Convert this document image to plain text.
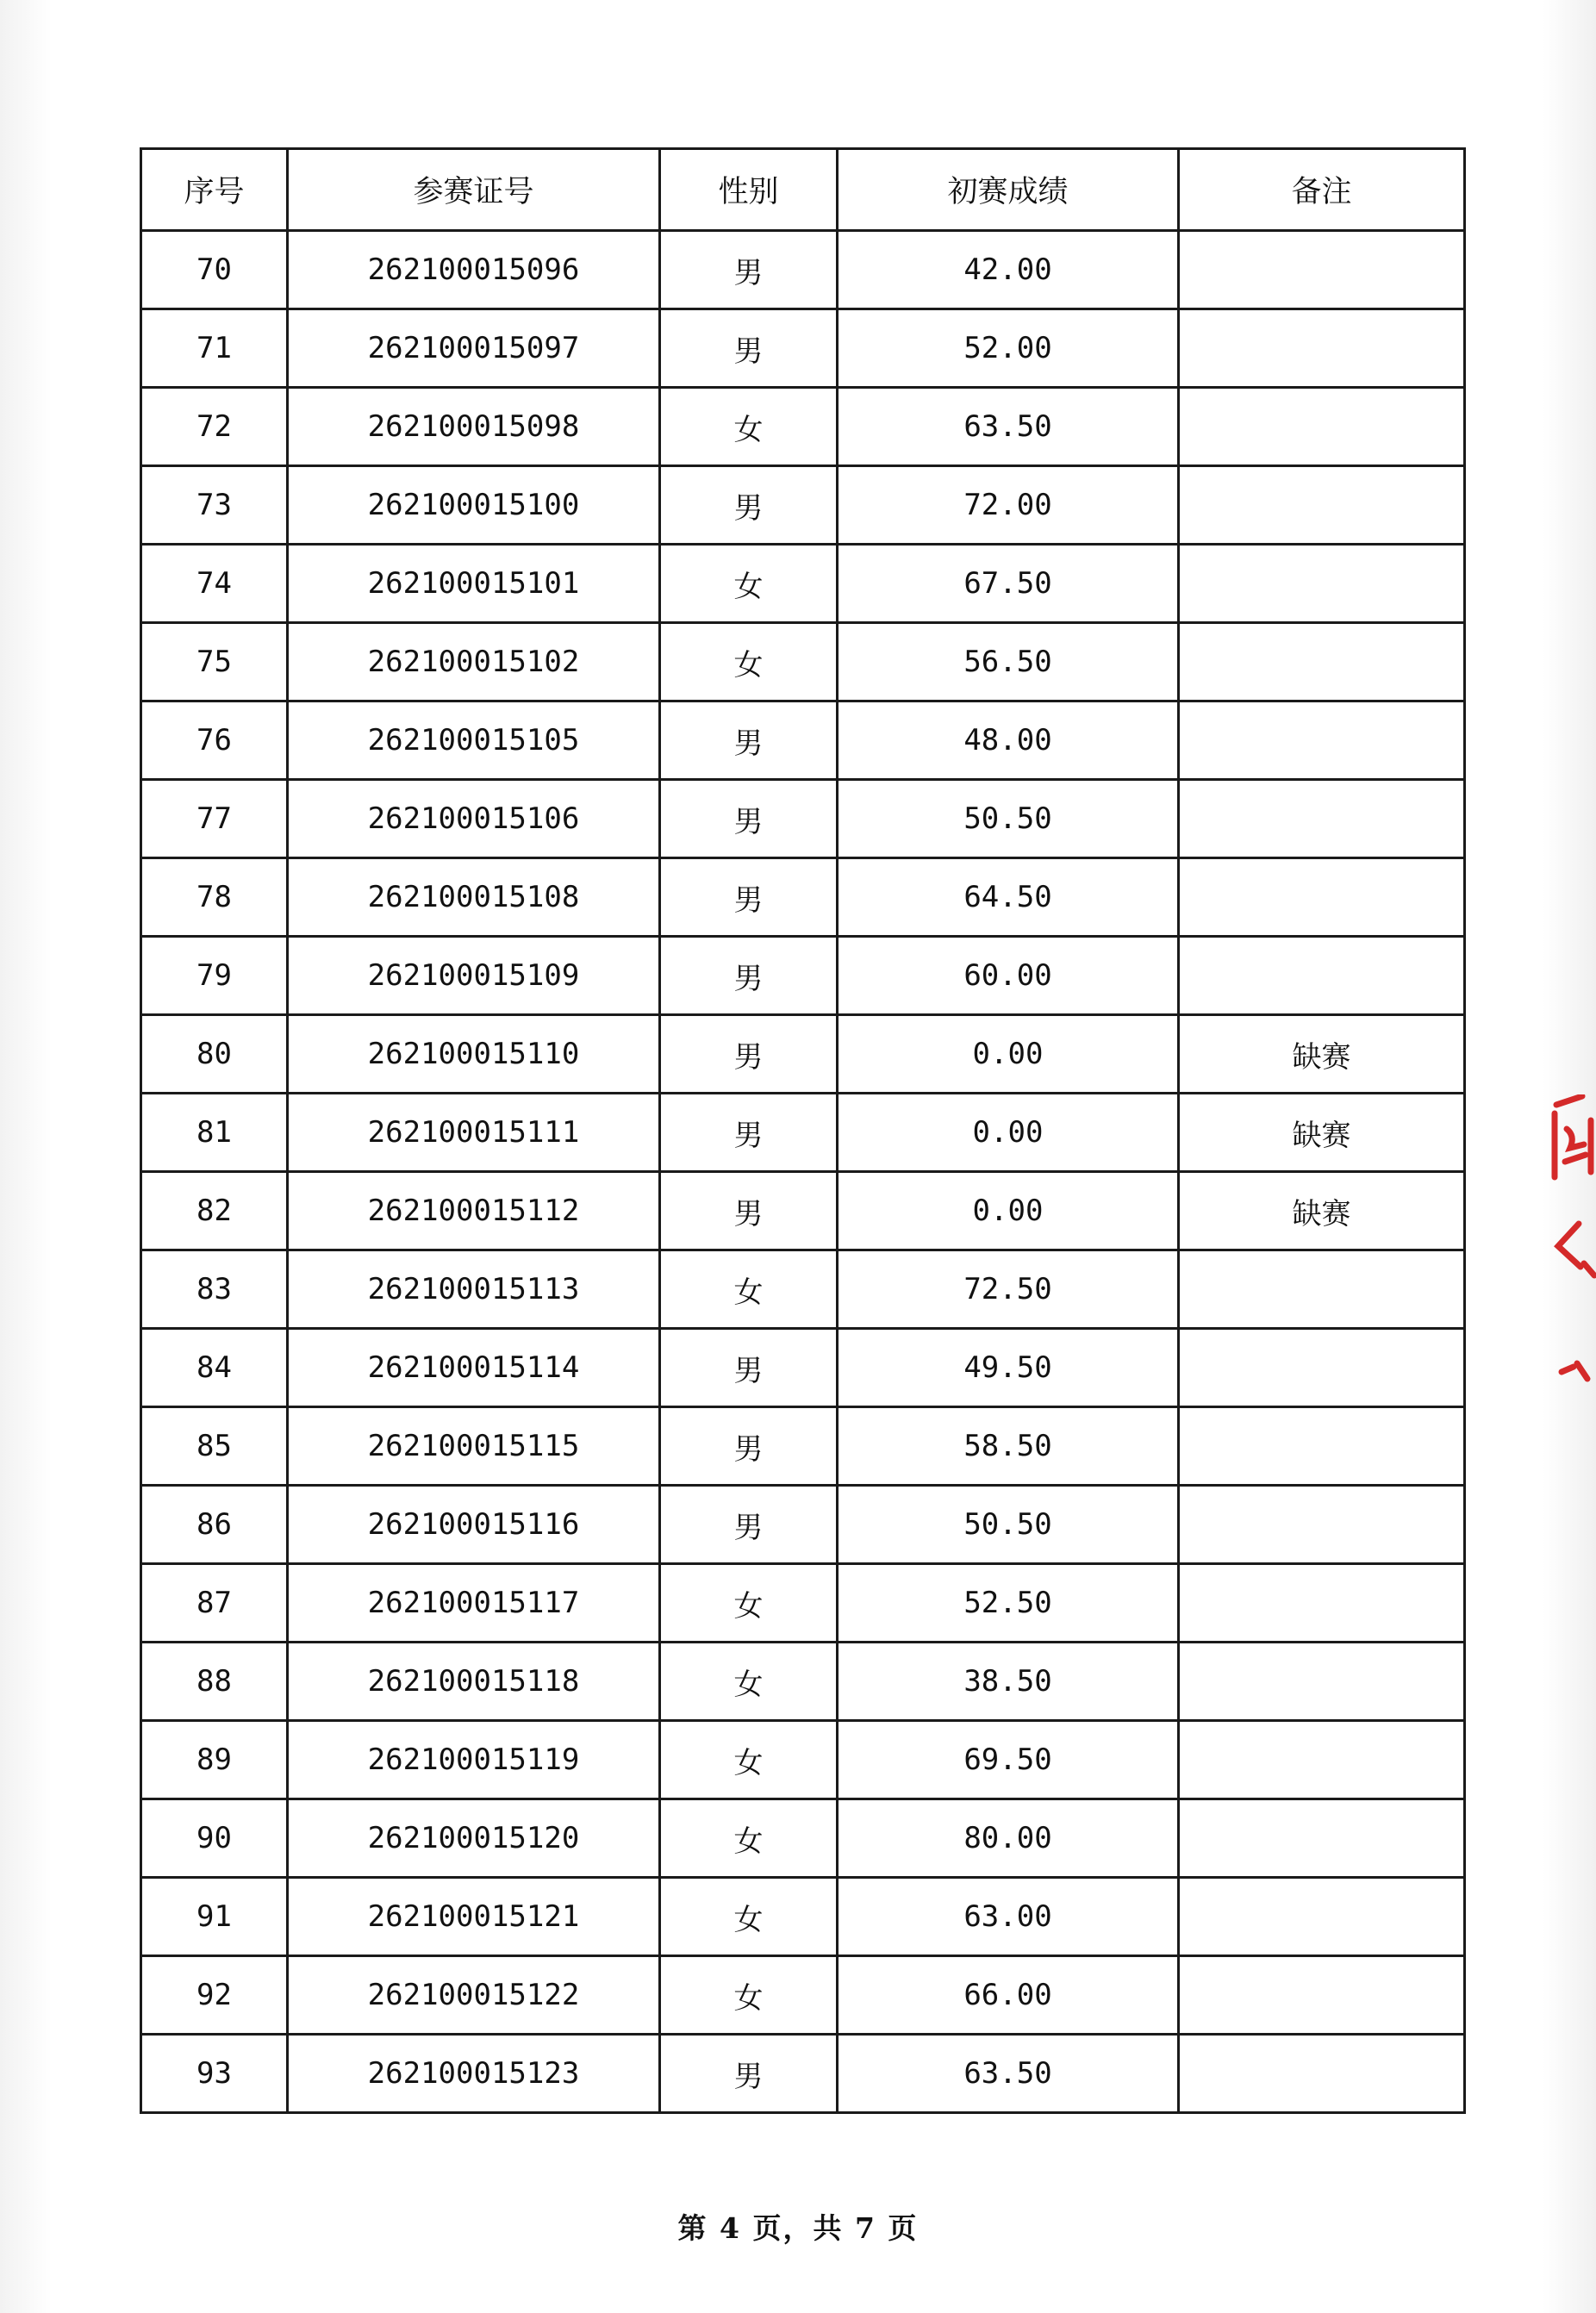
序号	参赛证号	性别	初赛成绩	备注
70	262100015096	男	42.00	
71	262100015097	男	52.00	
72	262100015098	女	63.50	
73	262100015100	男	72.00	
74	262100015101	女	67.50	
75	262100015102	女	56.50	
76	262100015105	男	48.00	
77	262100015106	男	50.50	
78	262100015108	男	64.50	
79	262100015109	男	60.00	
80	262100015110	男	0.00	缺赛
81	262100015111	男	0.00	缺赛
82	262100015112	男	0.00	缺赛
83	262100015113	女	72.50	
84	262100015114	男	49.50	
85	262100015115	男	58.50	
86	262100015116	男	50.50	
87	262100015117	女	52.50	
88	262100015118	女	38.50	
89	262100015119	女	69.50	
90	262100015120	女	80.00	
91	262100015121	女	63.00	
92	262100015122	女	66.00	
93	262100015123	男	63.50	
第 4 页，共 7 页
